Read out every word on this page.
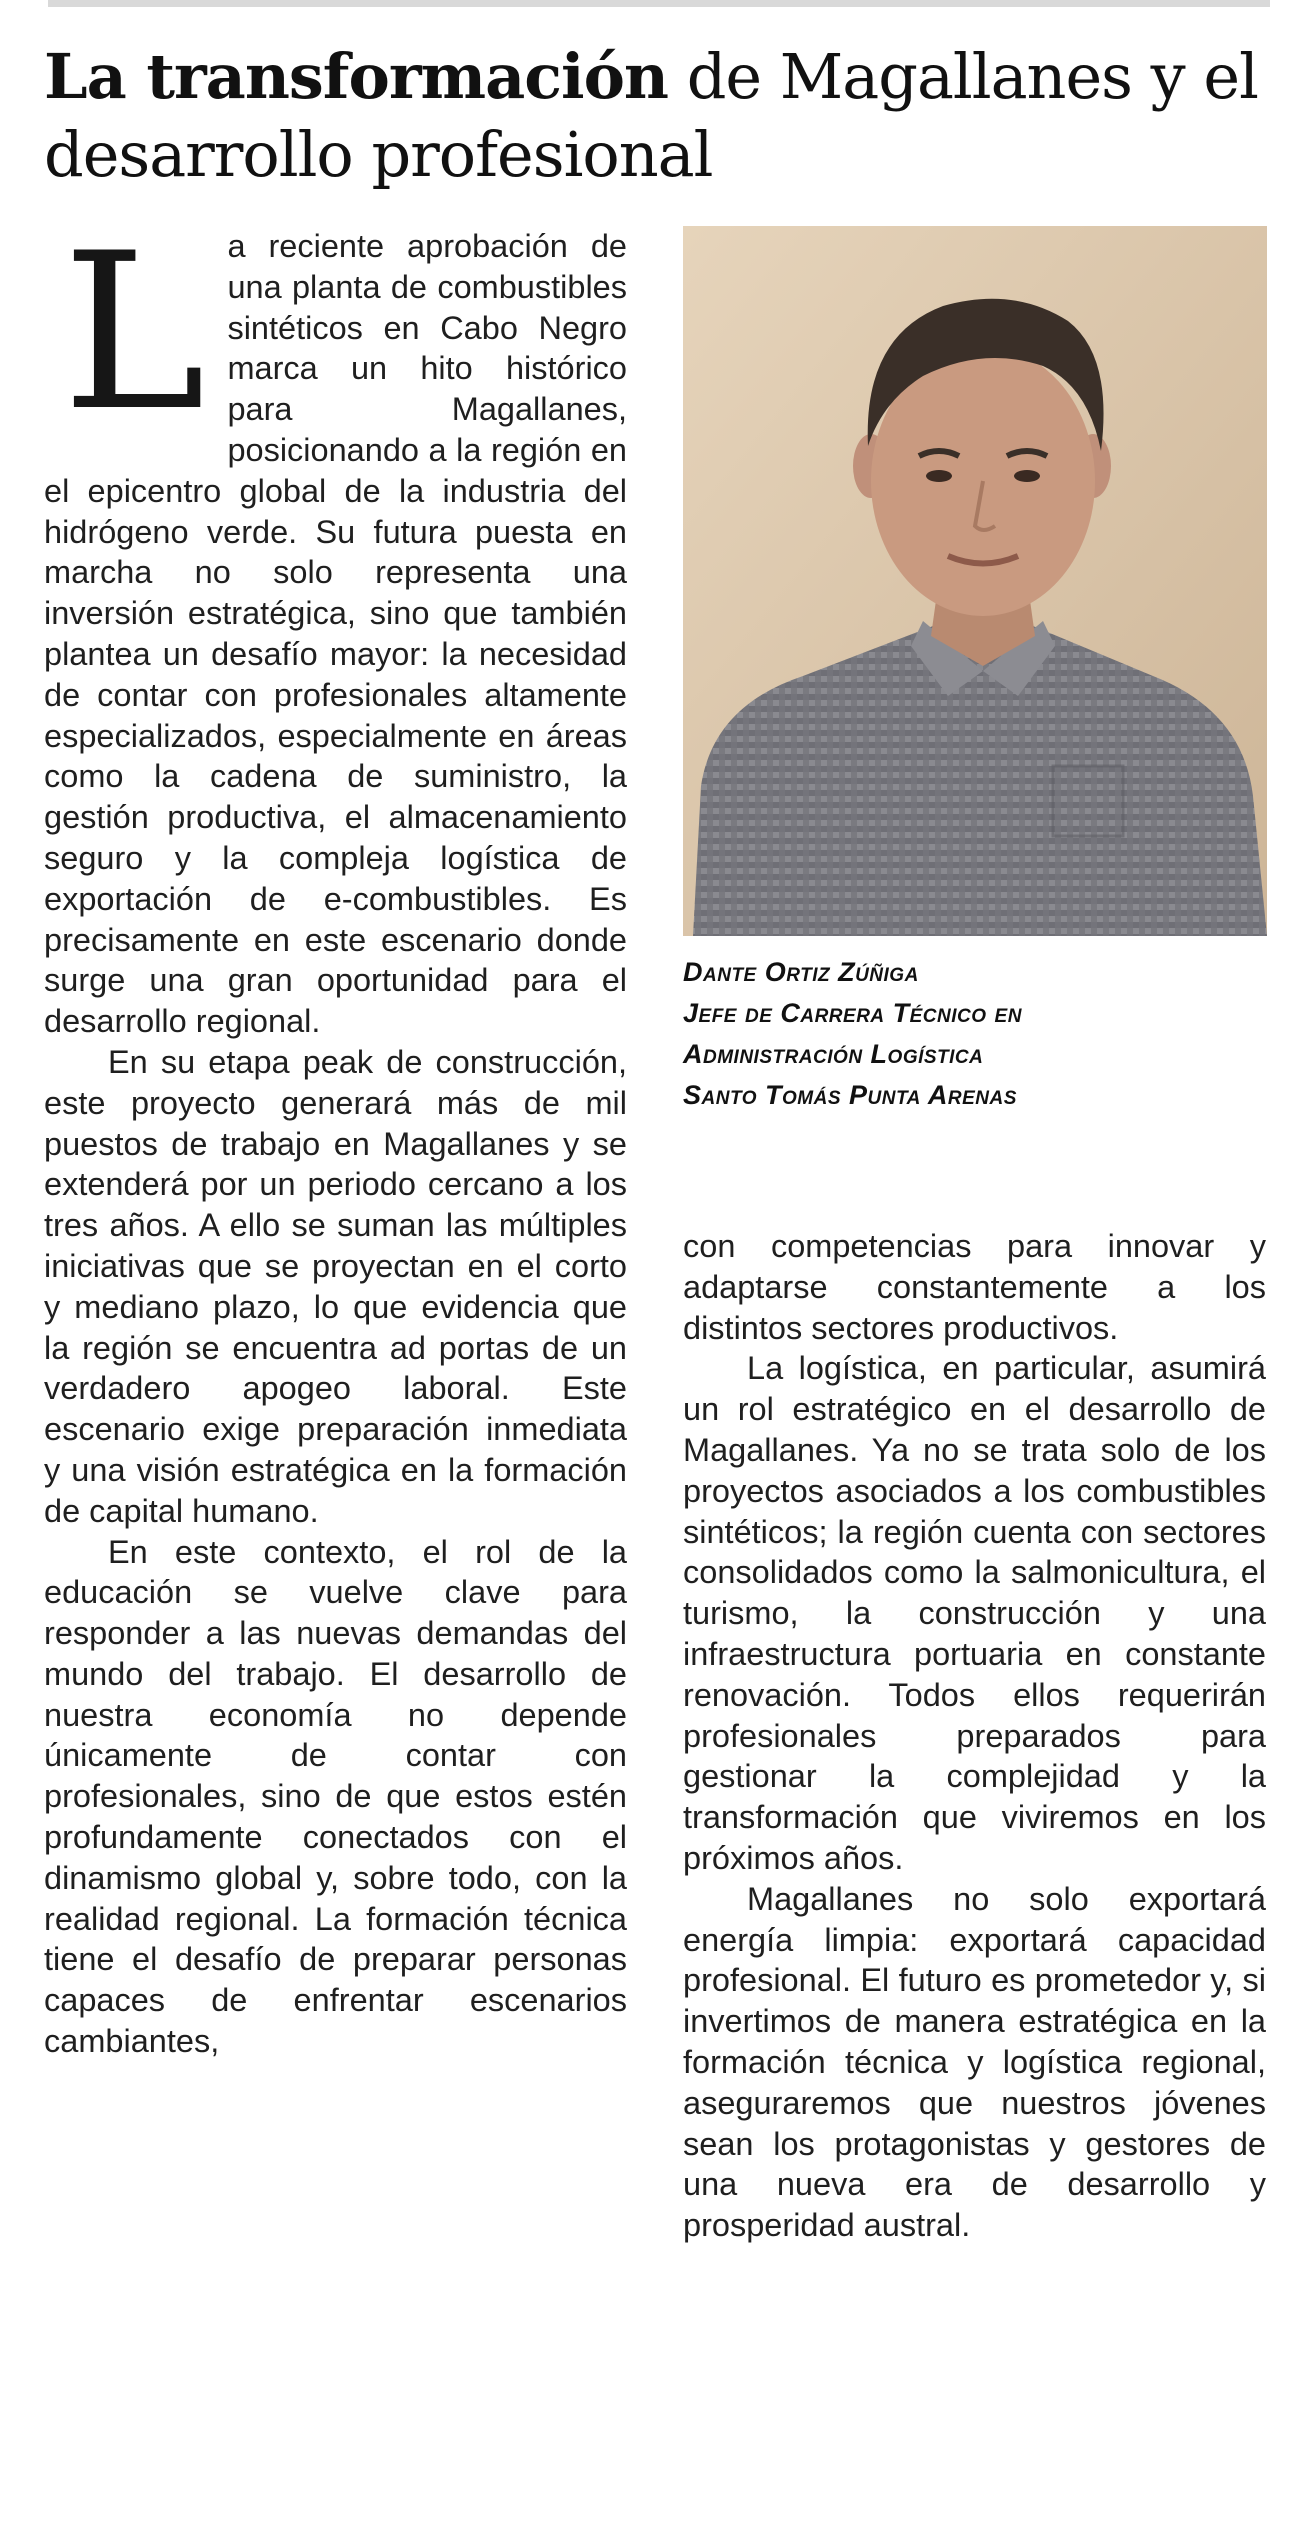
La transformación de Magallanes y el desarrollo profesional
L a reciente aprobación de una planta de combustibles sintéticos en Cabo Negro marca un hito histórico para Magallanes, posicionando a la región en el epicentro global de la industria del hidrógeno verde. Su futura puesta en marcha no solo representa una inversión estratégica, sino que también plantea un desafío mayor: la necesidad de contar con profesionales altamente especializados, especialmente en áreas como la cadena de suministro, la gestión productiva, el almacenamiento seguro y la compleja logística de exportación de e-combustibles. Es precisamente en este escenario donde surge una gran oportunidad para el desarrollo regional.

En su etapa peak de construcción, este proyecto generará más de mil puestos de trabajo en Magallanes y se extenderá por un periodo cercano a los tres años. A ello se suman las múltiples iniciativas que se proyectan en el corto y mediano plazo, lo que evidencia que la región se encuentra ad portas de un verdadero apogeo laboral. Este escenario exige preparación inmediata y una visión estratégica en la formación de capital humano.

En este contexto, el rol de la educación se vuelve clave para responder a las nuevas demandas del mundo del trabajo. El desarrollo de nuestra economía no depende únicamente de contar con profesionales, sino de que estos estén profundamente conectados con el dinamismo global y, sobre todo, con la realidad regional. La formación técnica tiene el desafío de preparar personas capaces de enfrentar escenarios cambiantes,

Dante Ortiz Zúñiga
Jefe de Carrera Técnico en
Administración Logística
Santo Tomás Punta Arenas

con competencias para innovar y adaptarse constantemente a los distintos sectores productivos.

La logística, en particular, asumirá un rol estratégico en el desarrollo de Magallanes. Ya no se trata solo de los proyectos asociados a los combustibles sintéticos; la región cuenta con sectores consolidados como la salmonicultura, el turismo, la construcción y una infraestructura portuaria en constante renovación. Todos ellos requerirán profesionales preparados para gestionar la complejidad y la transformación que viviremos en los próximos años.

Magallanes no solo exportará energía limpia: exportará capacidad profesional. El futuro es prometedor y, si invertimos de manera estratégica en la formación técnica y logística regional, aseguraremos que nuestros jóvenes sean los protagonistas y gestores de una nueva era de desarrollo y prosperidad austral.
